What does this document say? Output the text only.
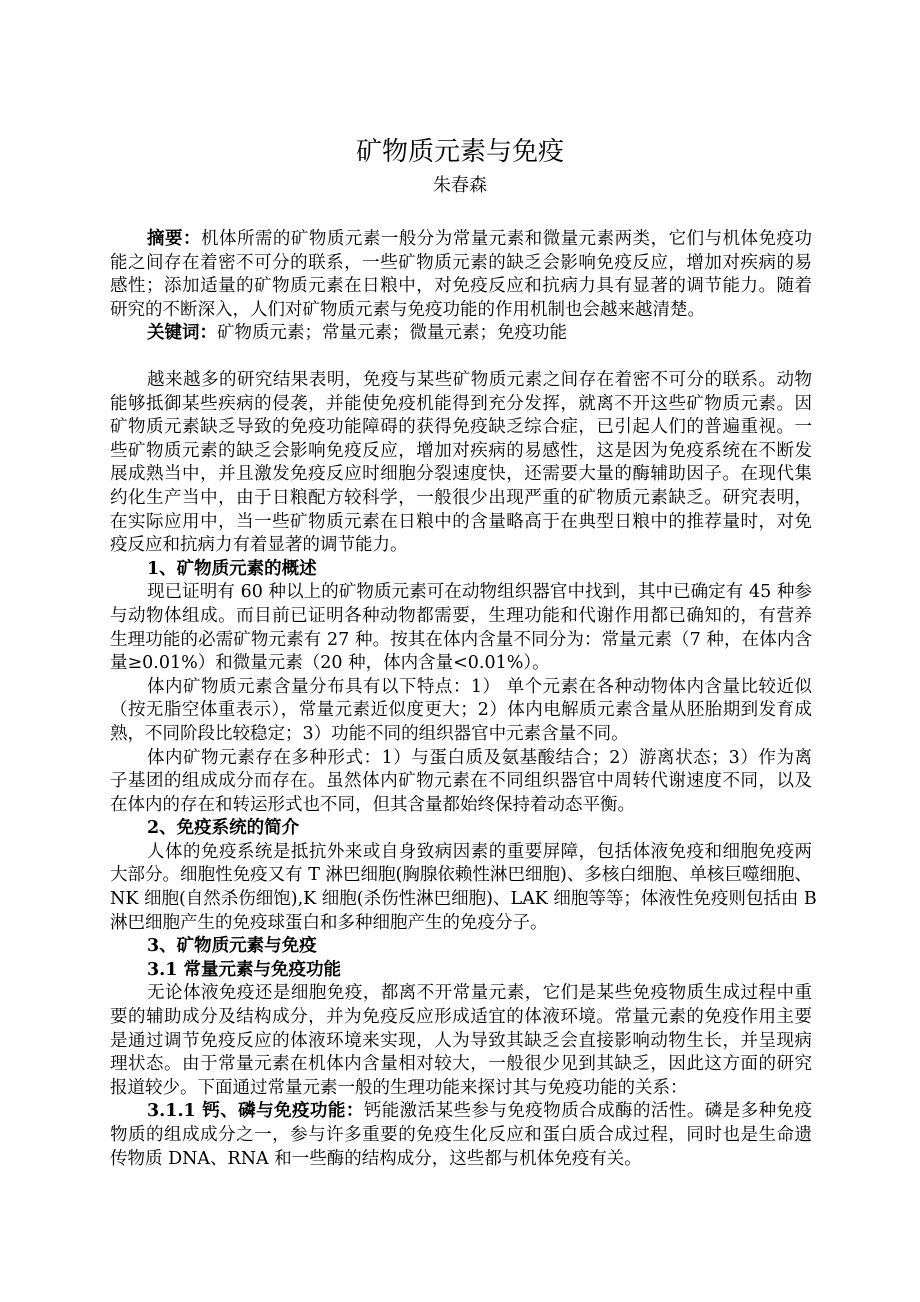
矿物质元素与免疫
朱春森
摘要：机体所需的矿物质元素一般分为常量元素和微量元素两类，它们与机体免疫功
能之间存在着密不可分的联系，一些矿物质元素的缺乏会影响免疫反应，增加对疾病的易
感性；添加适量的矿物质元素在日粮中，对免疫反应和抗病力具有显著的调节能力。随着
研究的不断深入，人们对矿物质元素与免疫功能的作用机制也会越来越清楚。
关键词：矿物质元素；常量元素；微量元素；免疫功能
越来越多的研究结果表明，免疫与某些矿物质元素之间存在着密不可分的联系。动物
能够抵御某些疾病的侵袭，并能使免疫机能得到充分发挥，就离不开这些矿物质元素。因
矿物质元素缺乏导致的免疫功能障碍的获得免疫缺乏综合症，已引起人们的普遍重视。一
些矿物质元素的缺乏会影响免疫反应，增加对疾病的易感性，这是因为免疫系统在不断发
展成熟当中，并且激发免疫反应时细胞分裂速度快，还需要大量的酶辅助因子。在现代集
约化生产当中，由于日粮配方较科学，一般很少出现严重的矿物质元素缺乏。研究表明，
在实际应用中，当一些矿物质元素在日粮中的含量略高于在典型日粮中的推荐量时，对免
疫反应和抗病力有着显著的调节能力。
1、矿物质元素的概述
现已证明有 60 种以上的矿物质元素可在动物组织器官中找到，其中已确定有 45 种参
与动物体组成。而目前已证明各种动物都需要，生理功能和代谢作用都已确知的，有营养
生理功能的必需矿物元素有 27 种。按其在体内含量不同分为：常量元素（7 种，在体内含
量≥0.01%）和微量元素（20 种，体内含量<0.01%）。
体内矿物质元素含量分布具有以下特点：1） 单个元素在各种动物体内含量比较近似
（按无脂空体重表示），常量元素近似度更大；2）体内电解质元素含量从胚胎期到发育成
熟，不同阶段比较稳定；3）功能不同的组织器官中元素含量不同。
体内矿物元素存在多种形式：1）与蛋白质及氨基酸结合；2）游离状态；3）作为离
子基团的组成成分而存在。虽然体内矿物元素在不同组织器官中周转代谢速度不同，以及
在体内的存在和转运形式也不同，但其含量都始终保持着动态平衡。
2、免疫系统的简介
人体的免疫系统是抵抗外来或自身致病因素的重要屏障，包括体液免疫和细胞免疫两
大部分。细胞性免疫又有 T 淋巴细胞(胸腺依赖性淋巴细胞)、多核白细胞、单核巨噬细胞、
NK 细胞(自然杀伤细饱),K 细胞(杀伤性淋巴细胞)、LAK 细胞等等；体液性免疫则包括由 B
淋巴细胞产生的免疫球蛋白和多种细胞产生的免疫分子。
3、矿物质元素与免疫
3.1 常量元素与免疫功能
无论体液免疫还是细胞免疫，都离不开常量元素，它们是某些免疫物质生成过程中重
要的辅助成分及结构成分，并为免疫反应形成适宜的体液环境。常量元素的免疫作用主要
是通过调节免疫反应的体液环境来实现，人为导致其缺乏会直接影响动物生长，并呈现病
理状态。由于常量元素在机体内含量相对较大，一般很少见到其缺乏，因此这方面的研究
报道较少。下面通过常量元素一般的生理功能来探讨其与免疫功能的关系：
3.1.1 钙、磷与免疫功能：钙能激活某些参与免疫物质合成酶的活性。磷是多种免疫
物质的组成成分之一，参与许多重要的免疫生化反应和蛋白质合成过程，同时也是生命遗
传物质 DNA、RNA 和一些酶的结构成分，这些都与机体免疫有关。
